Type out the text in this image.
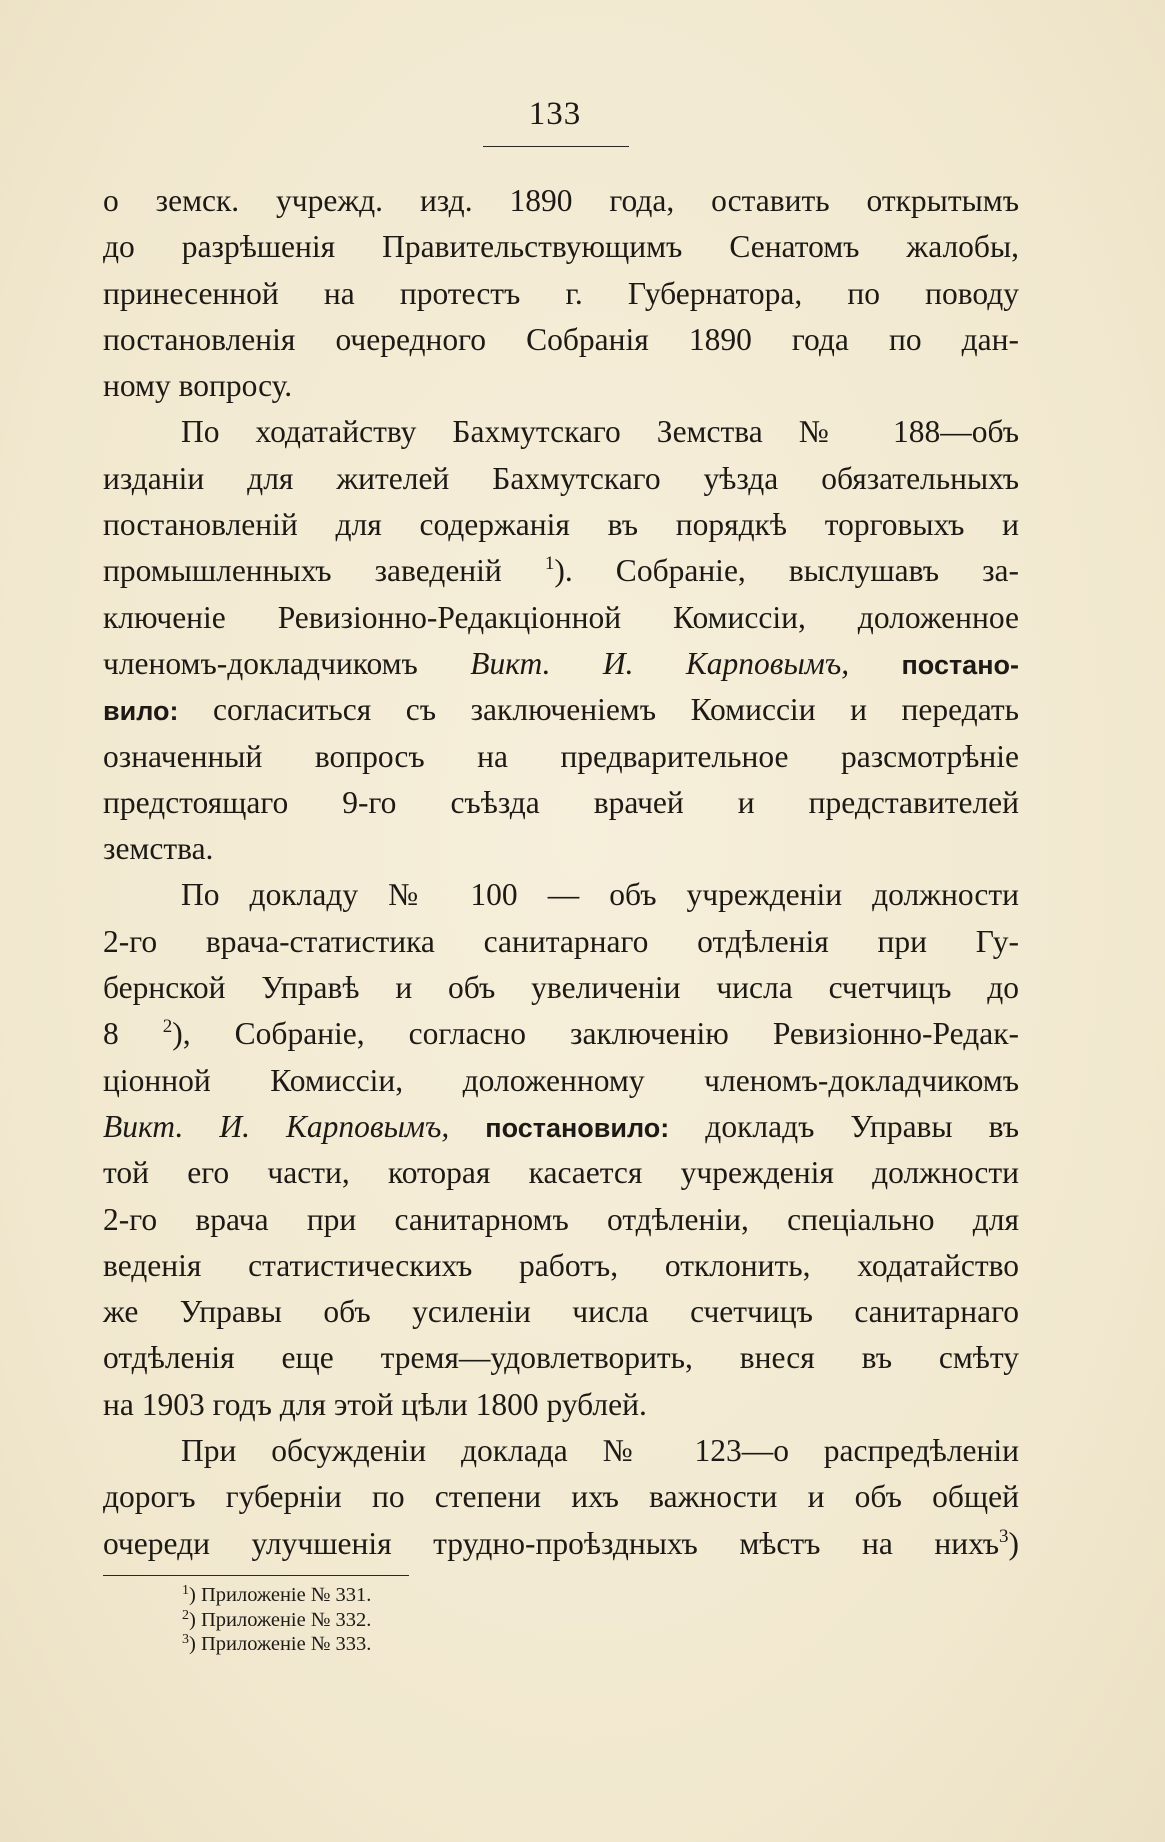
133
о земск. учрежд. изд. 1890 года, оставить открытымъ
до разрѣшенія Правительствующимъ Сенатомъ жалобы,
принесенной на протестъ г. Губернатора, по поводу
постановленія очередного Собранія 1890 года по дан-
ному вопросу.
По ходатайству Бахмутскаго Земства № 188—объ
изданіи для жителей Бахмутскаго уѣзда обязательныхъ
постановленій для содержанія въ порядкѣ торговыхъ и
промышленныхъ заведеній $^1$). Собраніе, выслушавъ за-
ключеніе Ревизіонно-Редакціонной Комиссіи, доложенное
членомъ-докладчикомъ Викт. И. Карповымъ, постано-
вило: согласиться съ заключеніемъ Комиссіи и передать
означенный вопросъ на предварительное разсмотрѣніе
предстоящаго 9-го съѣзда врачей и представителей
земства.
По докладу № 100 — объ учрежденіи должности
2-го врача-статистика санитарнаго отдѣленія при Гу-
бернской Управѣ и объ увеличеніи числа счетчицъ до
8 $^2$), Собраніе, согласно заключенію Ревизіонно-Редак-
ціонной Комиссіи, доложенному членомъ-докладчикомъ
Викт. И. Карповымъ, постановило: докладъ Управы въ
той его части, которая касается учрежденія должности
2-го врача при санитарномъ отдѣленіи, спеціально для
веденія статистическихъ работъ, отклонить, ходатайство
же Управы объ усиленіи числа счетчицъ санитарнаго
отдѣленія еще тремя—удовлетворить, внеся въ смѣту
на 1903 годъ для этой цѣли 1800 рублей.
При обсужденіи доклада № 123—о распредѣленіи
дорогъ губерніи по степени ихъ важности и объ общей
очереди улучшенія трудно-проѣздныхъ мѣстъ на нихъ$^3$)
$^1$) Приложеніе № 331.
$^2$) Приложеніе № 332.
$^3$) Приложеніе № 333.
